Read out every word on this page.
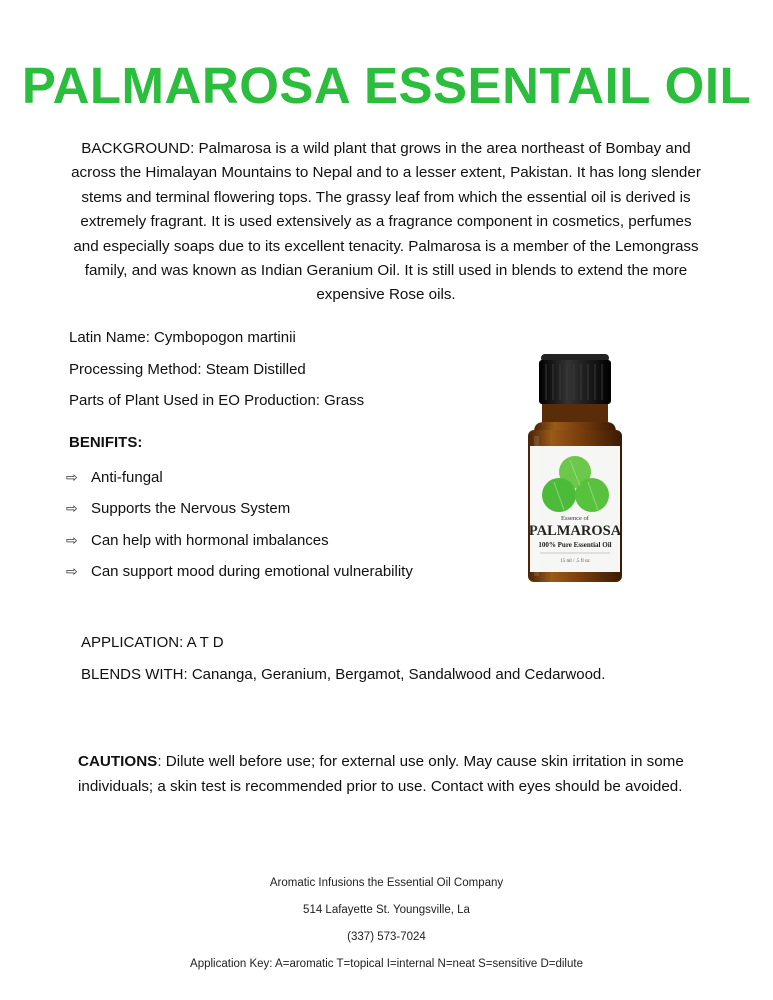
PALMAROSA ESSENTAIL OIL

BACKGROUND: Palmarosa is a wild plant that grows in the area northeast of Bombay and across the Himalayan Mountains to Nepal and to a lesser extent, Pakistan. It has long slender stems and terminal flowering tops. The grassy leaf from which the essential oil is derived is extremely fragrant. It is used extensively as a fragrance component in cosmetics, perfumes and especially soaps due to its excellent tenacity. Palmarosa is a member of the Lemongrass family, and was known as Indian Geranium Oil. It is still used in blends to extend the more expensive Rose oils.

Latin Name: Cymbopogon martinii

Processing Method: Steam Distilled

Parts of Plant Used in EO Production: Grass

BENIFITS:

⇨ Anti-fungal
⇨ Supports the Nervous System
⇨ Can help with hormonal imbalances
⇨ Can support mood during emotional vulnerability
Essence of
PALMAROSA
100% Pure Essential Oil
15 ml / .5 fl oz

APPLICATION: A T D

BLENDS WITH: Cananga, Geranium, Bergamot, Sandalwood and Cedarwood.

CAUTIONS: Dilute well before use; for external use only. May cause skin irritation in some individuals; a skin test is recommended prior to use. Contact with eyes should be avoided.

Aromatic Infusions the Essential Oil Company

514 Lafayette St. Youngsville, La

(337) 573-7024

Application Key: A=aromatic T=topical I=internal N=neat S=sensitive D=dilute
